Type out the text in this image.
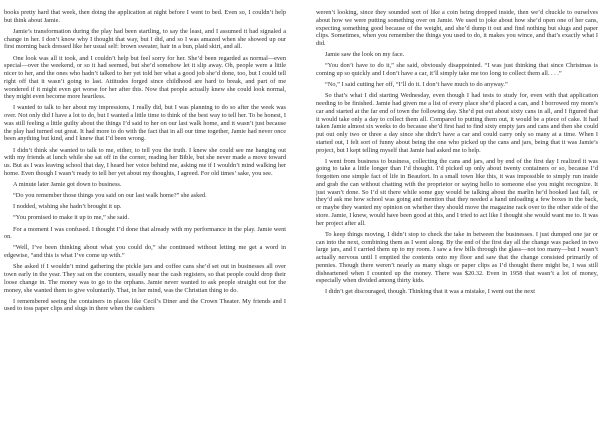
books pretty hard that week, then doing the application at night before I went to bed. Even so, I couldn’t help but think about Jamie.

Jamie’s transformation during the play had been startling, to say the least, and I assumed it had signaled a change in her. I don’t know why I thought that way, but I did, and so I was amazed when she showed up our first morning back dressed like her usual self: brown sweater, hair in a bun, plaid skirt, and all.

One look was all it took, and I couldn’t help but feel sorry for her. She’d been regarded as normal—even special—over the weekend, or so it had seemed, but she’d somehow let it slip away. Oh, people were a little nicer to her, and the ones who hadn’t talked to her yet told her what a good job she’d done, too, but I could tell right off that it wasn’t going to last. Attitudes forged since childhood are hard to break, and part of me wondered if it might even get worse for her after this. Now that people actually knew she could look normal, they might even become more heartless.

I wanted to talk to her about my impressions, I really did, but I was planning to do so after the week was over. Not only did I have a lot to do, but I wanted a little time to think of the best way to tell her. To be honest, I was still feeling a little guilty about the things I’d said to her on our last walk home, and it wasn’t just because the play had turned out great. It had more to do with the fact that in all our time together, Jamie had never once been anything but kind, and I knew that I’d been wrong.

I didn’t think she wanted to talk to me, either, to tell you the truth. I knew she could see me hanging out with my friends at lunch while she sat off in the corner, reading her Bible, but she never made a move toward us. But as I was leaving school that day, I heard her voice behind me, asking me if I wouldn’t mind walking her home. Even though I wasn’t ready to tell her yet about my thoughts, I agreed. For old times’ sake, you see.

A minute later Jamie got down to business.

“Do you remember those things you said on our last walk home?” she asked.

I nodded, wishing she hadn’t brought it up.

“You promised to make it up to me,” she said.

For a moment I was confused. I thought I’d done that already with my performance in the play. Jamie went on.

“Well, I’ve been thinking about what you could do,” she continued without letting me get a word in edgewise, “and this is what I’ve come up with.”

She asked if I wouldn’t mind gathering the pickle jars and coffee cans she’d set out in businesses all over town early in the year. They sat on the counters, usually near the cash registers, so that people could drop their loose change in. The money was to go to the orphans. Jamie never wanted to ask people straight out for the money, she wanted them to give voluntarily. That, in her mind, was the Christian thing to do.

I remembered seeing the containers in places like Cecil’s Diner and the Crown Theater. My friends and I used to toss paper clips and slugs in there when the cashiers

weren’t looking, since they sounded sort of like a coin being dropped inside, then we’d chuckle to ourselves about how we were putting something over on Jamie. We used to joke about how she’d open one of her cans, expecting something good because of the weight, and she’d dump it out and find nothing but slugs and paper clips. Sometimes, when you remember the things you used to do, it makes you wince, and that’s exactly what I did.

Jamie saw the look on my face.

“You don’t have to do it,” she said, obviously disappointed. “I was just thinking that since Christmas is coming up so quickly and I don’t have a car, it’ll simply take me too long to collect them all. . . .”

“No,” I said cutting her off, “I’ll do it. I don’t have much to do anyway.”

So that’s what I did starting Wednesday, even though I had tests to study for, even with that application needing to be finished. Jamie had given me a list of every place she’d placed a can, and I borrowed my mom’s car and started at the far end of town the following day. She’d put out about sixty cans in all, and I figured that it would take only a day to collect them all. Compared to putting them out, it would be a piece of cake. It had taken Jamie almost six weeks to do because she’d first had to find sixty empty jars and cans and then she could put out only two or three a day since she didn’t have a car and could carry only so many at a time. When I started out, I felt sort of funny about being the one who picked up the cans and jars, being that it was Jamie’s project, but I kept telling myself that Jamie had asked me to help.

I went from business to business, collecting the cans and jars, and by end of the first day I realized it was going to take a little longer than I’d thought. I’d picked up only about twenty containers or so, because I’d forgotten one simple fact of life in Beaufort. In a small town like this, it was impossible to simply run inside and grab the can without chatting with the proprietor or saying hello to someone else you might recognize. It just wasn’t done. So I’d sit there while some guy would be talking about the marlin he’d hooked last fall, or they’d ask me how school was going and mention that they needed a hand unloading a few boxes in the back, or maybe they wanted my opinion on whether they should move the magazine rack over to the other side of the store. Jamie, I knew, would have been good at this, and I tried to act like I thought she would want me to. It was her project after all.

To keep things moving, I didn’t stop to check the take in between the businesses. I just dumped one jar or can into the next, combining them as I went along. By the end of the first day all the change was packed in two large jars, and I carried them up to my room. I saw a few bills through the glass—not too many—but I wasn’t actually nervous until I emptied the contents onto my floor and saw that the change consisted primarily of pennies. Though there weren’t nearly as many slugs or paper clips as I’d thought there might be, I was still disheartened when I counted up the money. There was $20.32. Even in 1958 that wasn’t a lot of money, especially when divided among thirty kids.

I didn’t get discouraged, though. Thinking that it was a mistake, I went out the next
